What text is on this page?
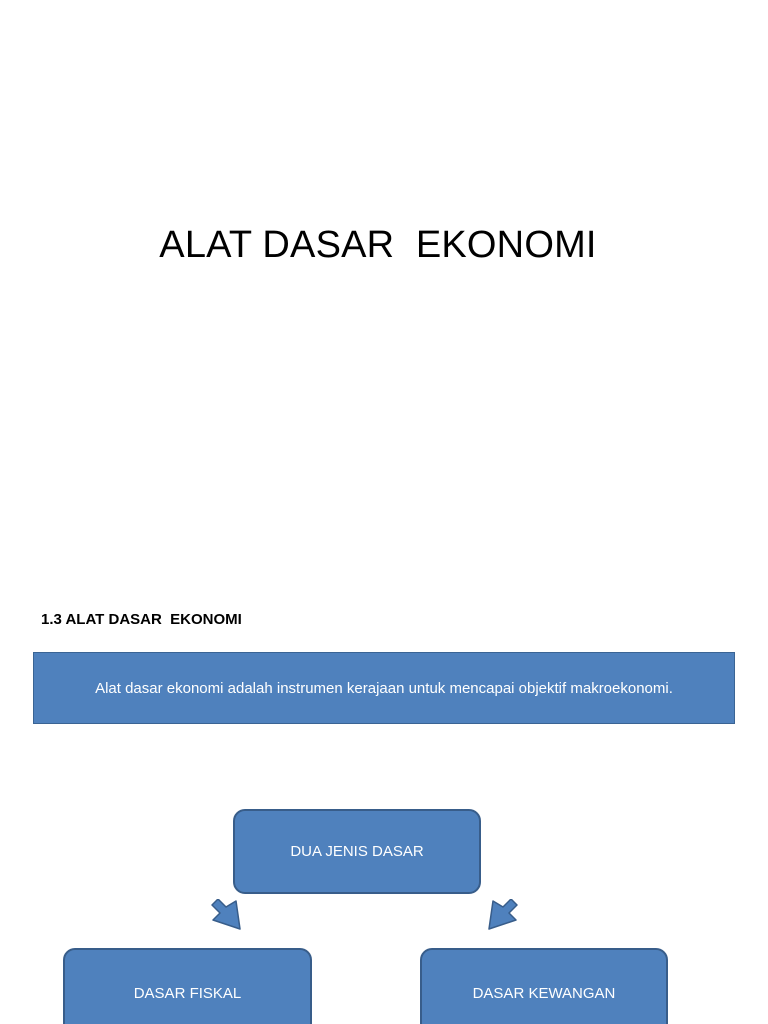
ALAT DASAR  EKONOMI
1.3 ALAT DASAR  EKONOMI
Alat dasar ekonomi adalah instrumen kerajaan untuk mencapai objektif makroekonomi.
DUA JENIS DASAR
DASAR FISKAL	DASAR KEWANGAN
